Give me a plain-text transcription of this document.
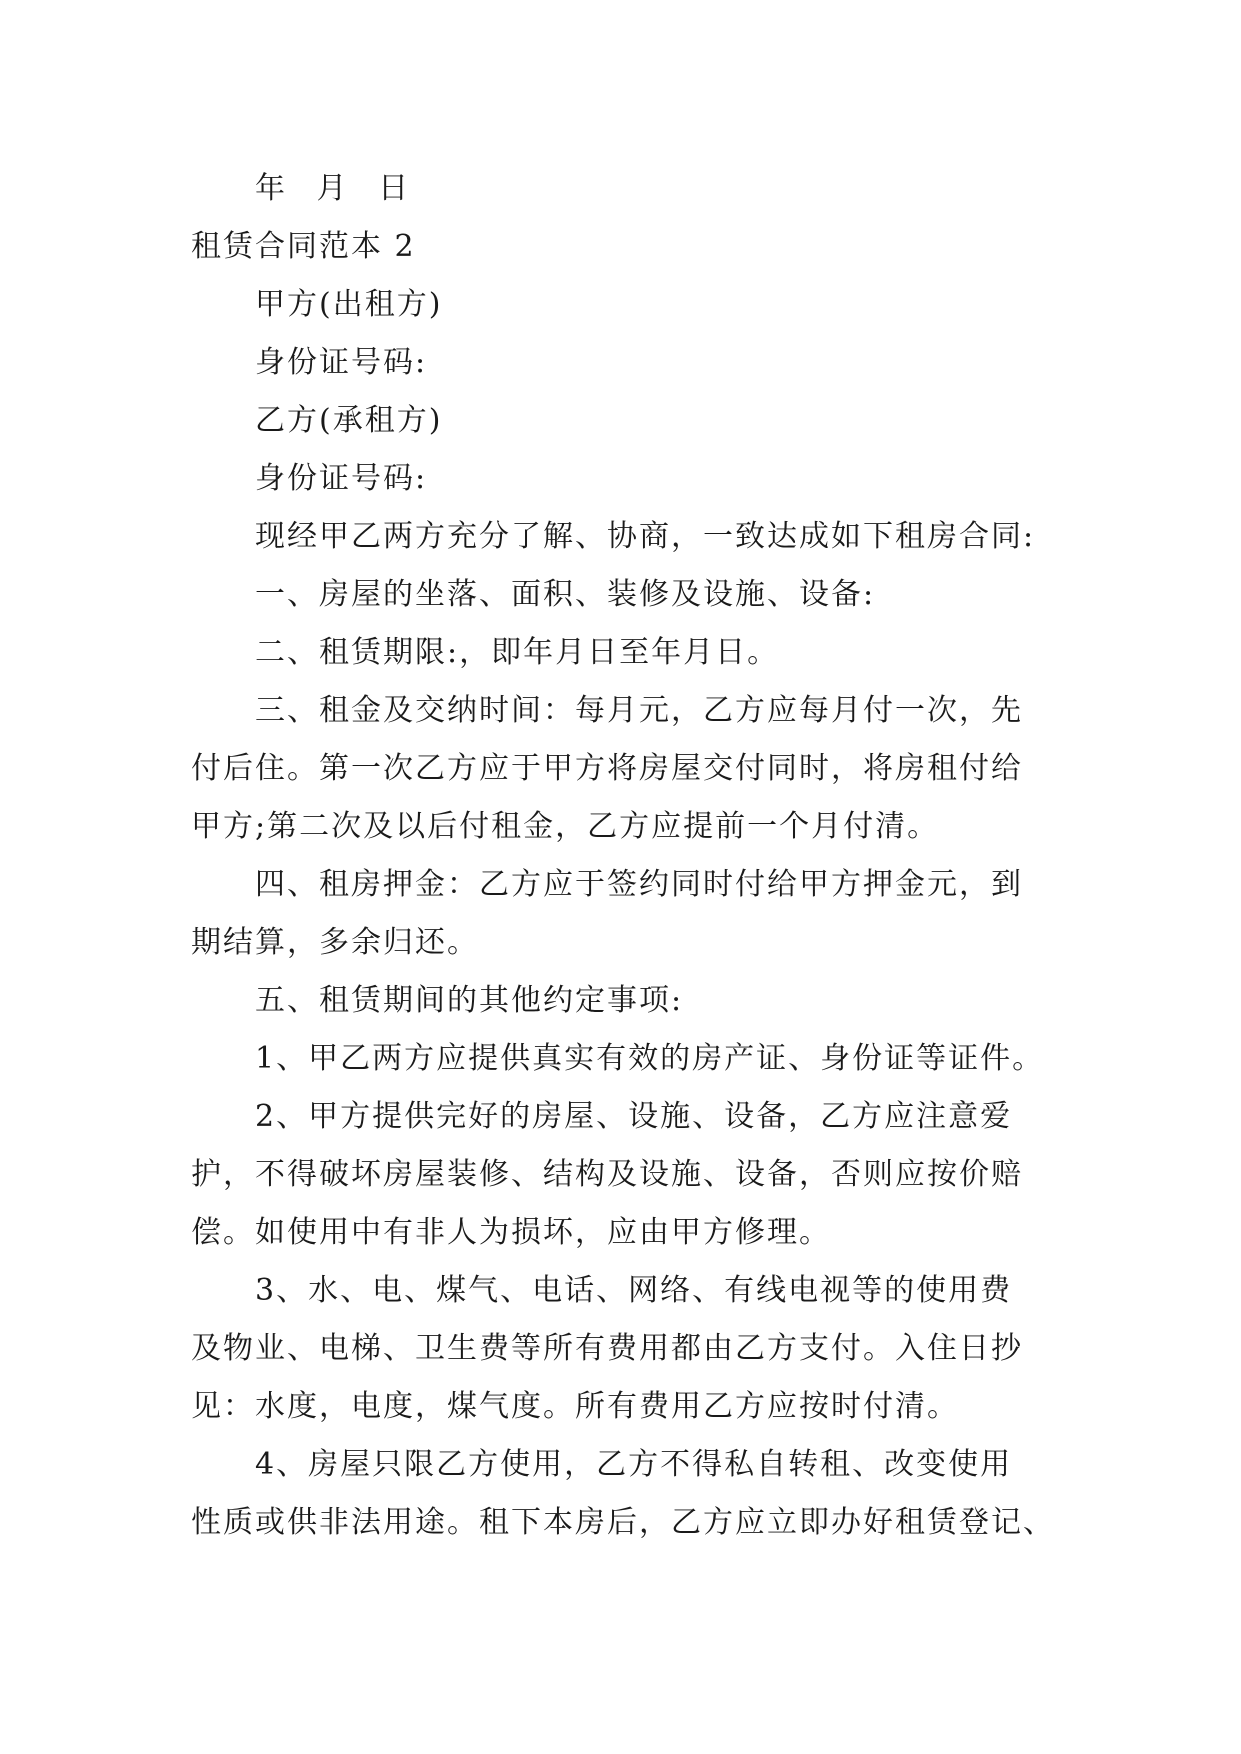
年 月 日
租赁合同范本 2
甲方(出租方)
身份证号码:
乙方(承租方)
身份证号码:
现经甲乙两方充分了解、协商，一致达成如下租房合同:
一、房屋的坐落、面积、装修及设施、设备:
二、租赁期限:，即年月日至年月日。
三、租金及交纳时间：每月元，乙方应每月付一次，先
付后住。第一次乙方应于甲方将房屋交付同时，将房租付给
甲方;第二次及以后付租金，乙方应提前一个月付清。
四、租房押金：乙方应于签约同时付给甲方押金元，到
期结算，多余归还。
五、租赁期间的其他约定事项:
1、甲乙两方应提供真实有效的房产证、身份证等证件。
2、甲方提供完好的房屋、设施、设备，乙方应注意爱
护，不得破坏房屋装修、结构及设施、设备，否则应按价赔
偿。如使用中有非人为损坏，应由甲方修理。
3、水、电、煤气、电话、网络、有线电视等的使用费
及物业、电梯、卫生费等所有费用都由乙方支付。入住日抄
见：水度，电度，煤气度。所有费用乙方应按时付清。
4、房屋只限乙方使用，乙方不得私自转租、改变使用
性质或供非法用途。租下本房后，乙方应立即办好租赁登记、
